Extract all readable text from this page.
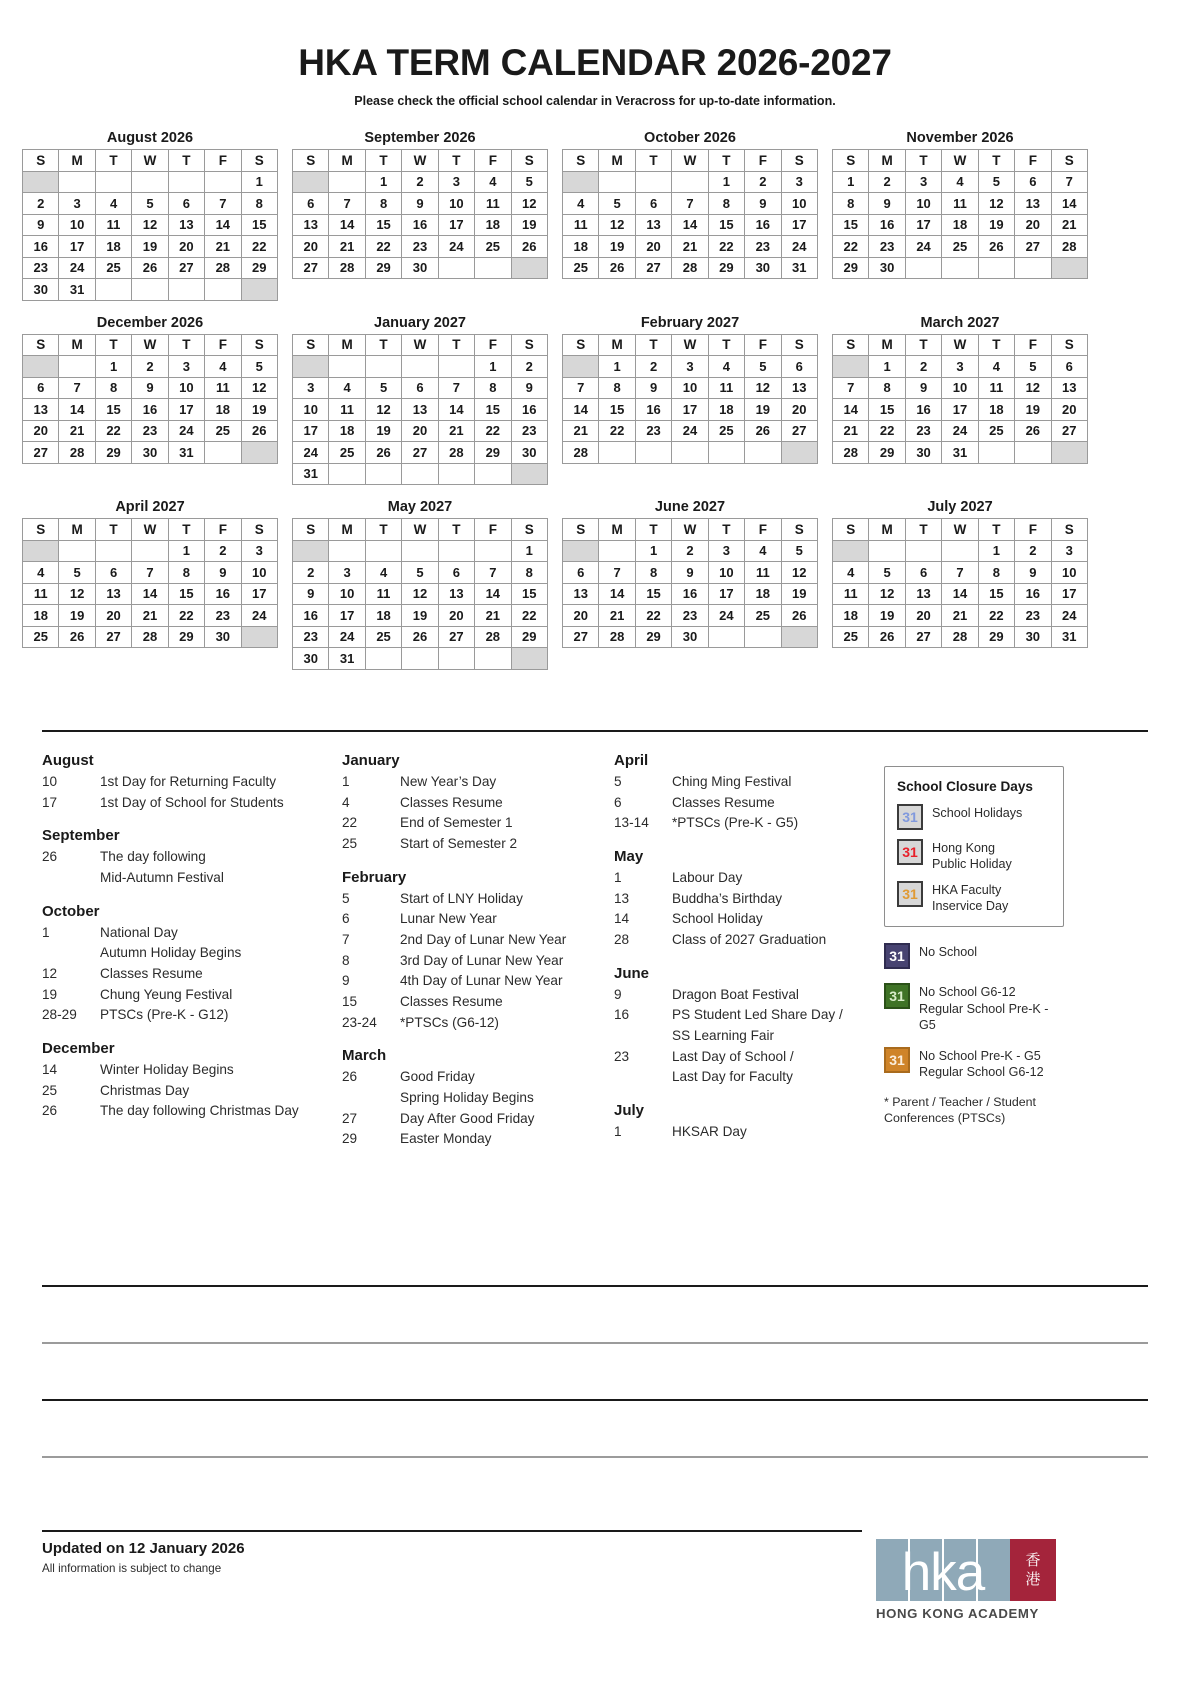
HKA TERM CALENDAR 2026-2027
Please check the official school calendar in Veracross for up-to-date information.
August 2026
S	M	T	W	T	F	S
						1
2	3	4	5	6	7	8
9	10	11	12	13	14	15
16	17	18	19	20	21	22
23	24	25	26	27	28	29
30	31					
September 2026
S	M	T	W	T	F	S
		1	2	3	4	5
6	7	8	9	10	11	12
13	14	15	16	17	18	19
20	21	22	23	24	25	26
27	28	29	30			
October 2026
S	M	T	W	T	F	S
				1	2	3
4	5	6	7	8	9	10
11	12	13	14	15	16	17
18	19	20	21	22	23	24
25	26	27	28	29	30	31
November 2026
S	M	T	W	T	F	S
1	2	3	4	5	6	7
8	9	10	11	12	13	14
15	16	17	18	19	20	21
22	23	24	25	26	27	28
29	30					
December 2026
S	M	T	W	T	F	S
		1	2	3	4	5
6	7	8	9	10	11	12
13	14	15	16	17	18	19
20	21	22	23	24	25	26
27	28	29	30	31		
January 2027
S	M	T	W	T	F	S
					1	2
3	4	5	6	7	8	9
10	11	12	13	14	15	16
17	18	19	20	21	22	23
24	25	26	27	28	29	30
31						
February 2027
S	M	T	W	T	F	S
	1	2	3	4	5	6
7	8	9	10	11	12	13
14	15	16	17	18	19	20
21	22	23	24	25	26	27
28						
March 2027
S	M	T	W	T	F	S
	1	2	3	4	5	6
7	8	9	10	11	12	13
14	15	16	17	18	19	20
21	22	23	24	25	26	27
28	29	30	31			
April 2027
S	M	T	W	T	F	S
				1	2	3
4	5	6	7	8	9	10
11	12	13	14	15	16	17
18	19	20	21	22	23	24
25	26	27	28	29	30	
May 2027
S	M	T	W	T	F	S
						1
2	3	4	5	6	7	8
9	10	11	12	13	14	15
16	17	18	19	20	21	22
23	24	25	26	27	28	29
30	31					
June 2027
S	M	T	W	T	F	S
		1	2	3	4	5
6	7	8	9	10	11	12
13	14	15	16	17	18	19
20	21	22	23	24	25	26
27	28	29	30			
July 2027
S	M	T	W	T	F	S
				1	2	3
4	5	6	7	8	9	10
11	12	13	14	15	16	17
18	19	20	21	22	23	24
25	26	27	28	29	30	31
August
10	1st Day for Returning Faculty
17	1st Day of School for Students
September
26	The day following
Mid-Autumn Festival
October
1	National Day
Autumn Holiday Begins
12	Classes Resume
19	Chung Yeung Festival
28-29	PTSCs (Pre-K - G12)
December
14	Winter Holiday Begins
25	Christmas Day
26	The day following Christmas Day
January
1	New Year’s Day
4	Classes Resume
22	End of Semester 1
25	Start of Semester 2
February
5	Start of LNY Holiday
6	Lunar New Year
7	2nd Day of Lunar New Year
8	3rd Day of Lunar New Year
9	4th Day of Lunar New Year
15	Classes Resume
23-24	*PTSCs (G6-12)
March
26	Good Friday
Spring Holiday Begins
27	Day After Good Friday
29	Easter Monday
April
5	Ching Ming Festival
6	Classes Resume
13-14	*PTSCs (Pre-K - G5)
May
1	Labour Day
13	Buddha’s Birthday
14	School Holiday
28	Class of 2027 Graduation
June
9	Dragon Boat Festival
16	PS Student Led Share Day /
SS Learning Fair
23	Last Day of School /
Last Day for Faculty
July
1	HKSAR Day
School Closure Days
31	School Holidays
31	Hong Kong
Public Holiday
31	HKA Faculty
Inservice Day
31	No School
31	No School G6-12
Regular School Pre-K - G5
31	No School Pre-K - G5
Regular School G6-12
* Parent / Teacher / Student
Conferences (PTSCs)
Updated on 12 January 2026
All information is subject to change	hka	香
港
HONG KONG ACADEMY
